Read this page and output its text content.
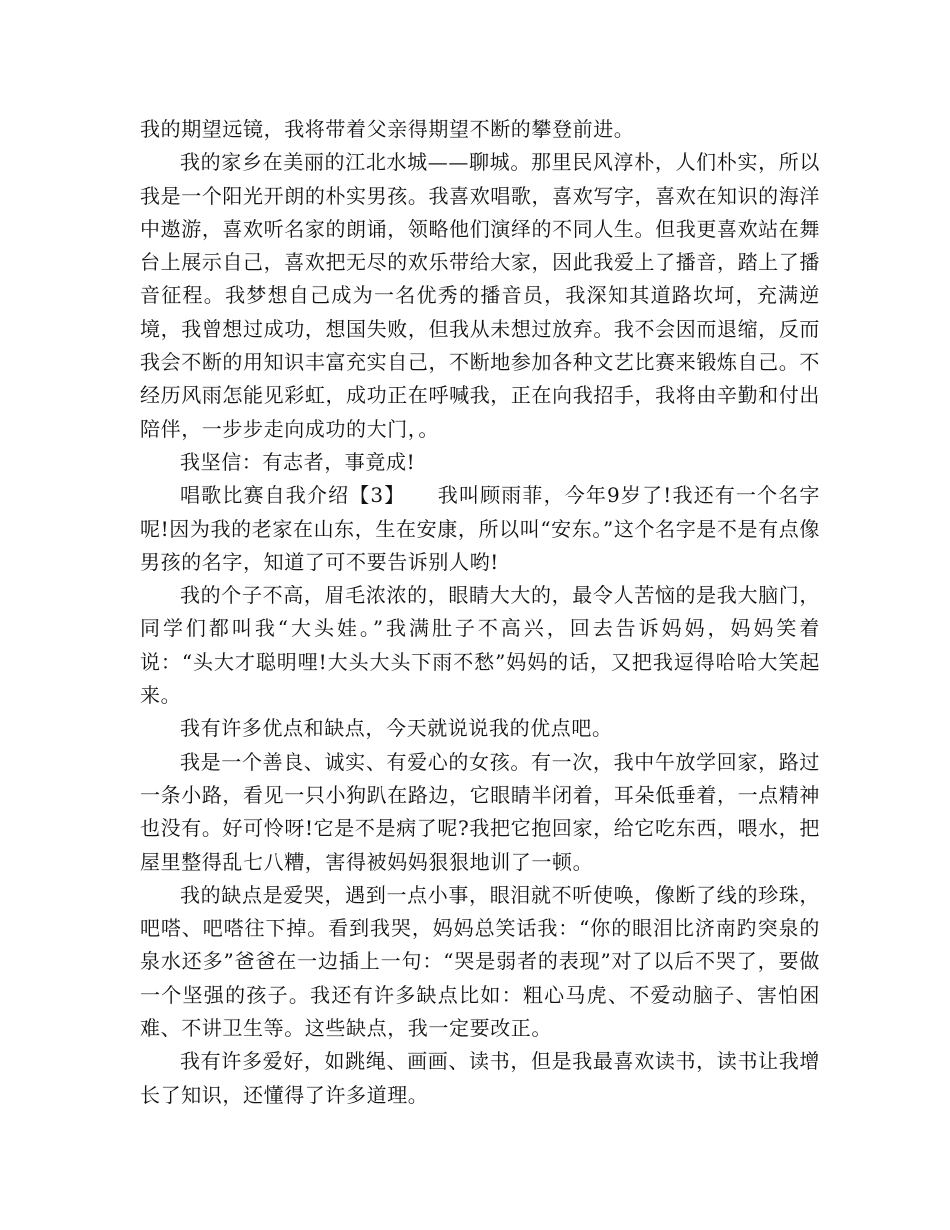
我的期望远镜，我将带着父亲得期望不断的攀登前进。

我的家乡在美丽的江北水城——聊城。那里民风淳朴，人们朴实，所以我是一个阳光开朗的朴实男孩。我喜欢唱歌，喜欢写字，喜欢在知识的海洋中遨游，喜欢听名家的朗诵，领略他们演绎的不同人生。但我更喜欢站在舞台上展示自己，喜欢把无尽的欢乐带给大家，因此我爱上了播音，踏上了播音征程。我梦想自己成为一名优秀的播音员，我深知其道路坎坷，充满逆境，我曾想过成功，想国失败，但我从未想过放弃。我不会因而退缩，反而我会不断的用知识丰富充实自己，不断地参加各种文艺比赛来锻炼自己。不经历风雨怎能见彩虹，成功正在呼喊我，正在向我招手，我将由辛勤和付出陪伴，一步步走向成功的大门，。

我坚信：有志者，事竟成!

唱歌比赛自我介绍【3】　　我叫顾雨菲，今年9岁了!我还有一个名字呢!因为我的老家在山东，生在安康，所以叫“安东。”这个名字是不是有点像男孩的名字，知道了可不要告诉别人哟!

我的个子不高，眉毛浓浓的，眼睛大大的，最令人苦恼的是我大脑门，同学们都叫我“大头娃。”我满肚子不高兴，回去告诉妈妈，妈妈笑着说：“头大才聪明哩!大头大头下雨不愁”妈妈的话，又把我逗得哈哈大笑起来。

我有许多优点和缺点，今天就说说我的优点吧。

我是一个善良、诚实、有爱心的女孩。有一次，我中午放学回家，路过一条小路，看见一只小狗趴在路边，它眼睛半闭着，耳朵低垂着，一点精神也没有。好可怜呀!它是不是病了呢?我把它抱回家，给它吃东西，喂水，把屋里整得乱七八糟，害得被妈妈狠狠地训了一顿。

我的缺点是爱哭，遇到一点小事，眼泪就不听使唤，像断了线的珍珠，吧嗒、吧嗒往下掉。看到我哭，妈妈总笑话我：“你的眼泪比济南趵突泉的泉水还多”爸爸在一边插上一句：“哭是弱者的表现”对了以后不哭了，要做一个坚强的孩子。我还有许多缺点比如：粗心马虎、不爱动脑子、害怕困难、不讲卫生等。这些缺点，我一定要改正。

我有许多爱好，如跳绳、画画、读书，但是我最喜欢读书，读书让我增长了知识，还懂得了许多道理。
